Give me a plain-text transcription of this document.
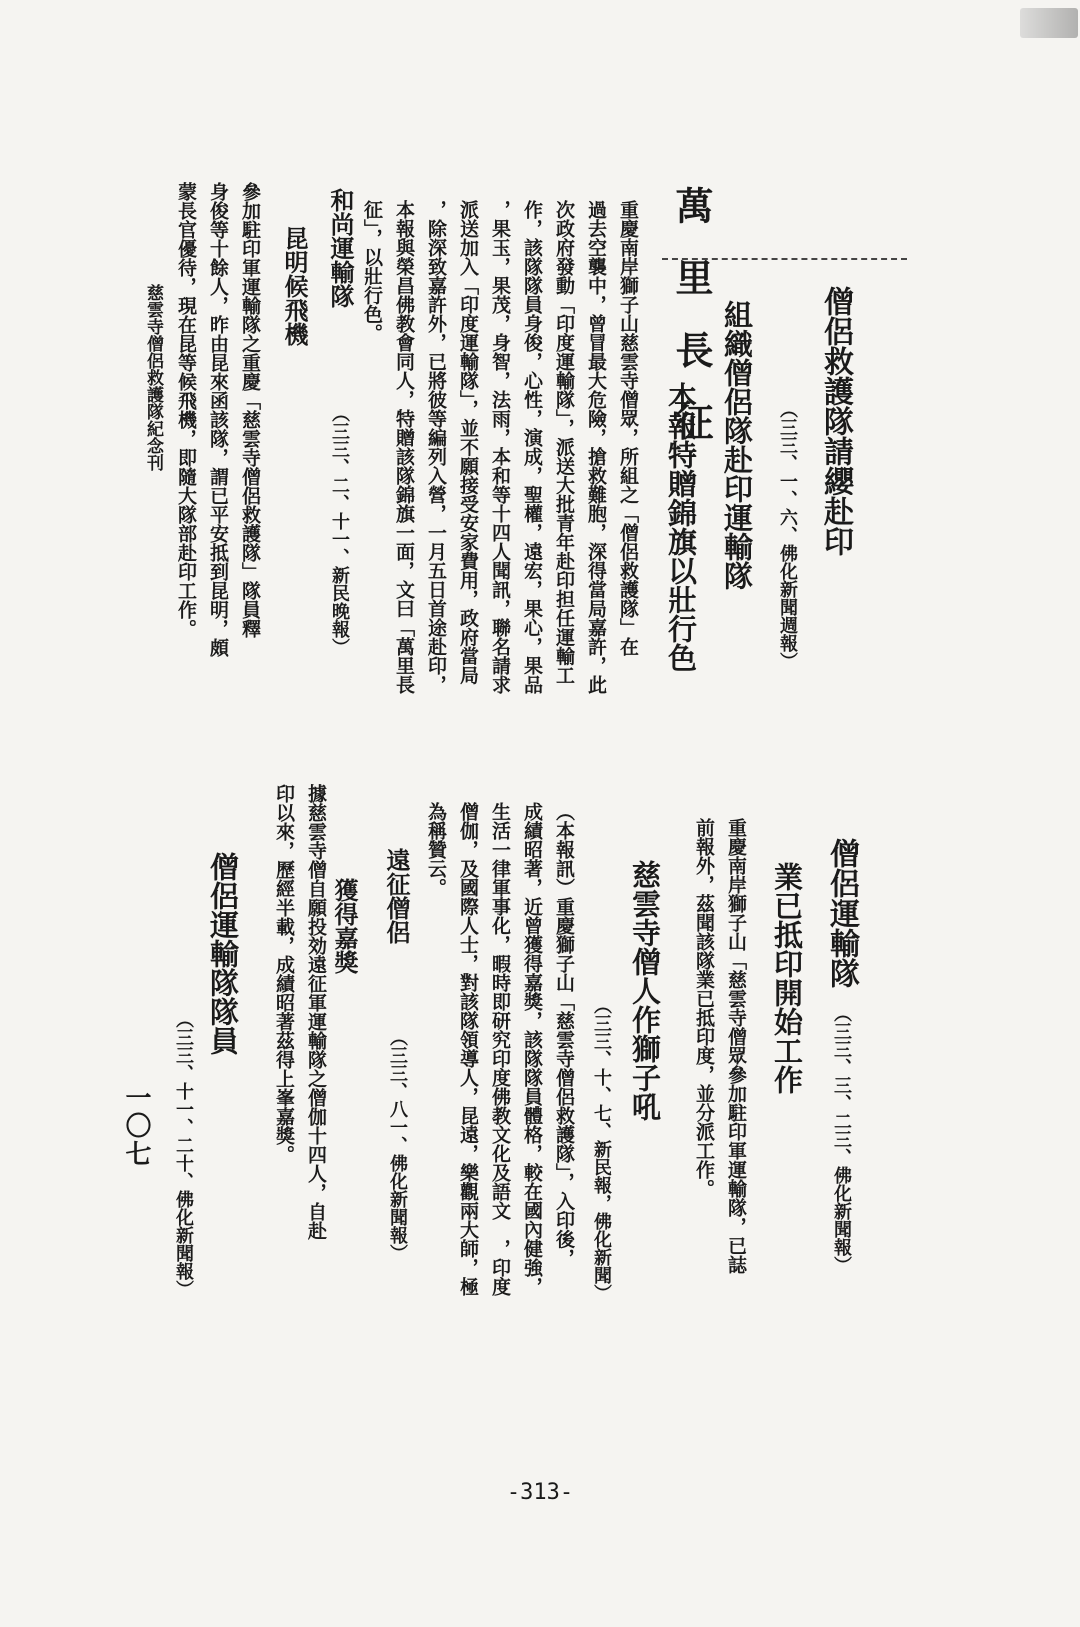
萬里長征	僧侶救護隊請纓赴印
（三三、一、六、佛化新聞週報）
組織僧侶隊赴印運輸隊
本報特贈錦旗以壯行色
重慶南岸獅子山慈雲寺僧眾，所組之「僧侶救護隊」在
過去空襲中，曾冒最大危險，搶救難胞，深得當局嘉許，此
次政府發動「印度運輸隊」，派送大批青年赴印担任運輸工
作，該隊隊員身俊，心性，演成，聖權，遠宏，果心，果品
，果玉，果茂，身智，法雨，本和等十四人聞訊，聯名請求
派送加入「印度運輸隊」，並不願接受安家費用，政府當局
，除深致嘉許外，已將彼等編列入營，一月五日首途赴印，
本報與榮昌佛教會同人，特贈該隊錦旗一面，文曰「萬里長
征」，以壯行色。
和尚運輸隊
（三三、二、十一、新民晚報）
昆明候飛機
參加駐印軍運輸隊之重慶「慈雲寺僧侶救護隊」隊員釋
身俊等十餘人，昨由昆來函該隊，謂已平安抵到昆明，頗
蒙長官優待，現在昆等候飛機，即隨大隊部赴印工作。
慈雲寺僧侶救護隊紀念刊
僧侶運輸隊
（三三、三、二三、佛化新聞報）
業已抵印開始工作
重慶南岸獅子山「慈雲寺僧眾參加駐印軍運輸隊，已誌
前報外，茲聞該隊業已抵印度，並分派工作。
慈雲寺僧人作獅子吼
（三三、十、七、新民報，佛化新聞）
（本報訊）重慶獅子山「慈雲寺僧侶救護隊」，入印後，
成績昭著，近曾獲得嘉獎，該隊隊員體格，較在國內健強，
生活一律軍事化，暇時即研究印度佛教文化及語文　，印度
僧伽，及國際人士，對該隊領導人，昆遠，樂觀兩大師，極
為稱贊云。
遠征僧侶
（三三、八一、佛化新聞報）
獲得嘉獎
據慈雲寺僧自願投効遠征軍運輸隊之僧伽十四人，自赴
印以來，歷經半載，成績昭著茲得上峯嘉獎。
僧侶運輸隊隊員
（三三、十一、二十、佛化新聞報）
一〇七
-313-
